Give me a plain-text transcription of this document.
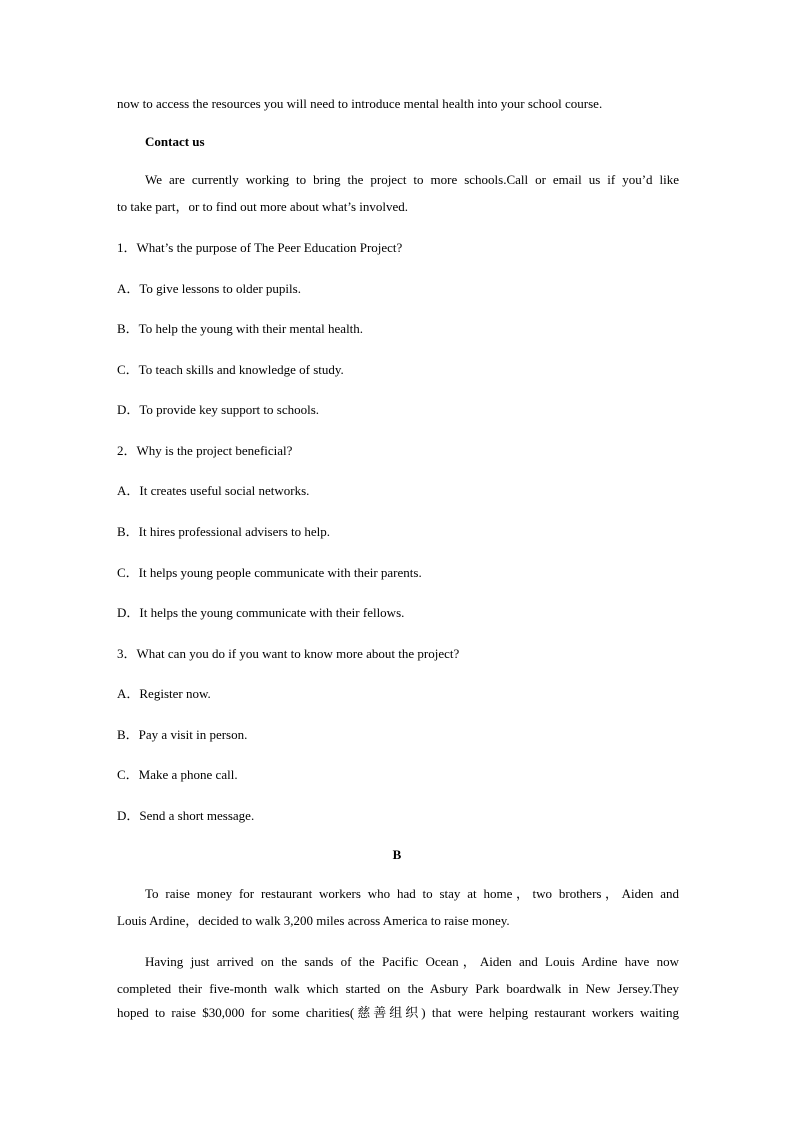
now to access the resources you will need to introduce mental health into your school course.
Contact us
We are currently working to bring the project to more schools.Call or email us if you’d like
to take part，or to find out more about what’s involved.
1．What’s the purpose of The Peer Education Project?
A．To give lessons to older pupils.
B．To help the young with their mental health.
C．To teach skills and knowledge of study.
D．To provide key support to schools.
2．Why is the project beneficial?
A．It creates useful social networks.
B．It hires professional advisers to help.
C．It helps young people communicate with their parents.
D．It helps the young communicate with their fellows.
3．What can you do if you want to know more about the project?
A．Register now.
B．Pay a visit in person.
C．Make a phone call.
D．Send a short message.
B
To raise money for restaurant workers who had to stay at home，two brothers，Aiden and
Louis Ardine，decided to walk 3,200 miles across America to raise money.
Having just arrived on the sands of the Pacific Ocean，Aiden and Louis Ardine have now
completed their five-month walk which started on the Asbury Park boardwalk in New Jersey.They
hoped to raise $30,000 for some charities(慈善组织) that were helping restaurant workers waiting
